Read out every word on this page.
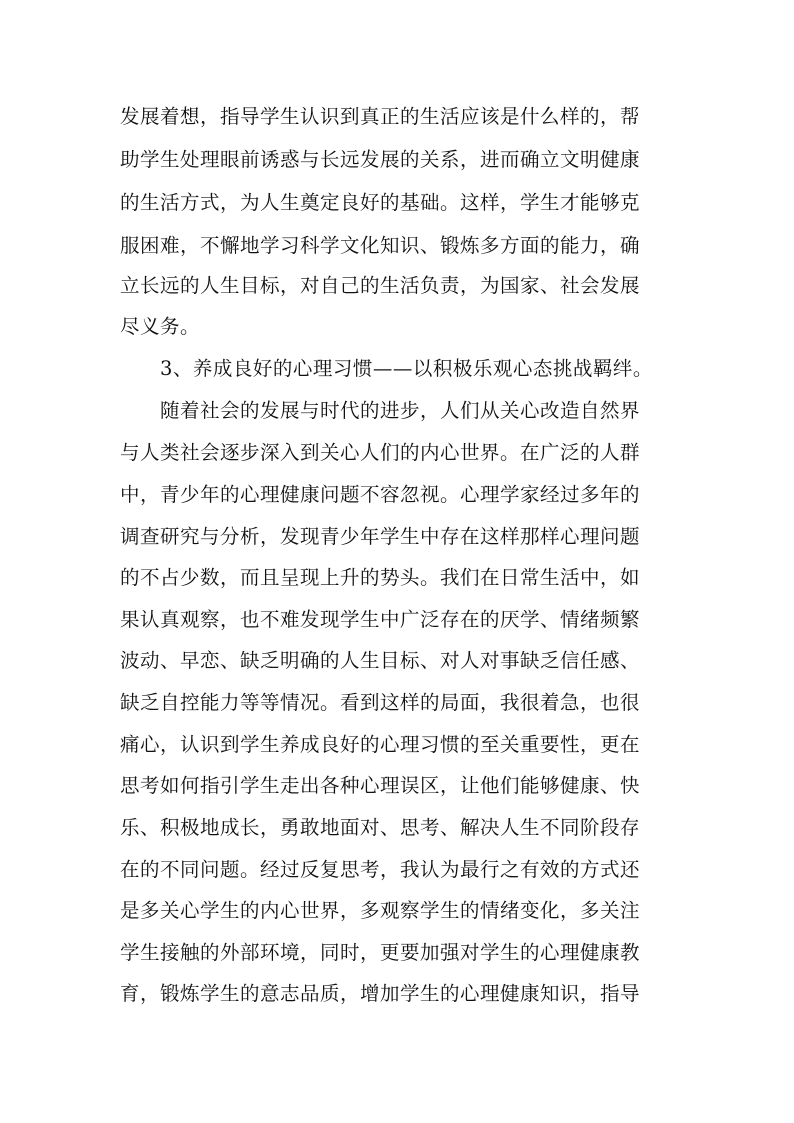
发展着想，指导学生认识到真正的生活应该是什么样的，帮
助学生处理眼前诱惑与长远发展的关系，进而确立文明健康
的生活方式，为人生奠定良好的基础。这样，学生才能够克
服困难，不懈地学习科学文化知识、锻炼多方面的能力，确
立长远的人生目标，对自己的生活负责，为国家、社会发展
尽义务。
3、养成良好的心理习惯——以积极乐观心态挑战羁绊。
随着社会的发展与时代的进步，人们从关心改造自然界
与人类社会逐步深入到关心人们的内心世界。在广泛的人群
中，青少年的心理健康问题不容忽视。心理学家经过多年的
调查研究与分析，发现青少年学生中存在这样那样心理问题
的不占少数，而且呈现上升的势头。我们在日常生活中，如
果认真观察，也不难发现学生中广泛存在的厌学、情绪频繁
波动、早恋、缺乏明确的人生目标、对人对事缺乏信任感、
缺乏自控能力等等情况。看到这样的局面，我很着急，也很
痛心，认识到学生养成良好的心理习惯的至关重要性，更在
思考如何指引学生走出各种心理误区，让他们能够健康、快
乐、积极地成长，勇敢地面对、思考、解决人生不同阶段存
在的不同问题。经过反复思考，我认为最行之有效的方式还
是多关心学生的内心世界，多观察学生的情绪变化，多关注
学生接触的外部环境，同时，更要加强对学生的心理健康教
育，锻炼学生的意志品质，增加学生的心理健康知识，指导
